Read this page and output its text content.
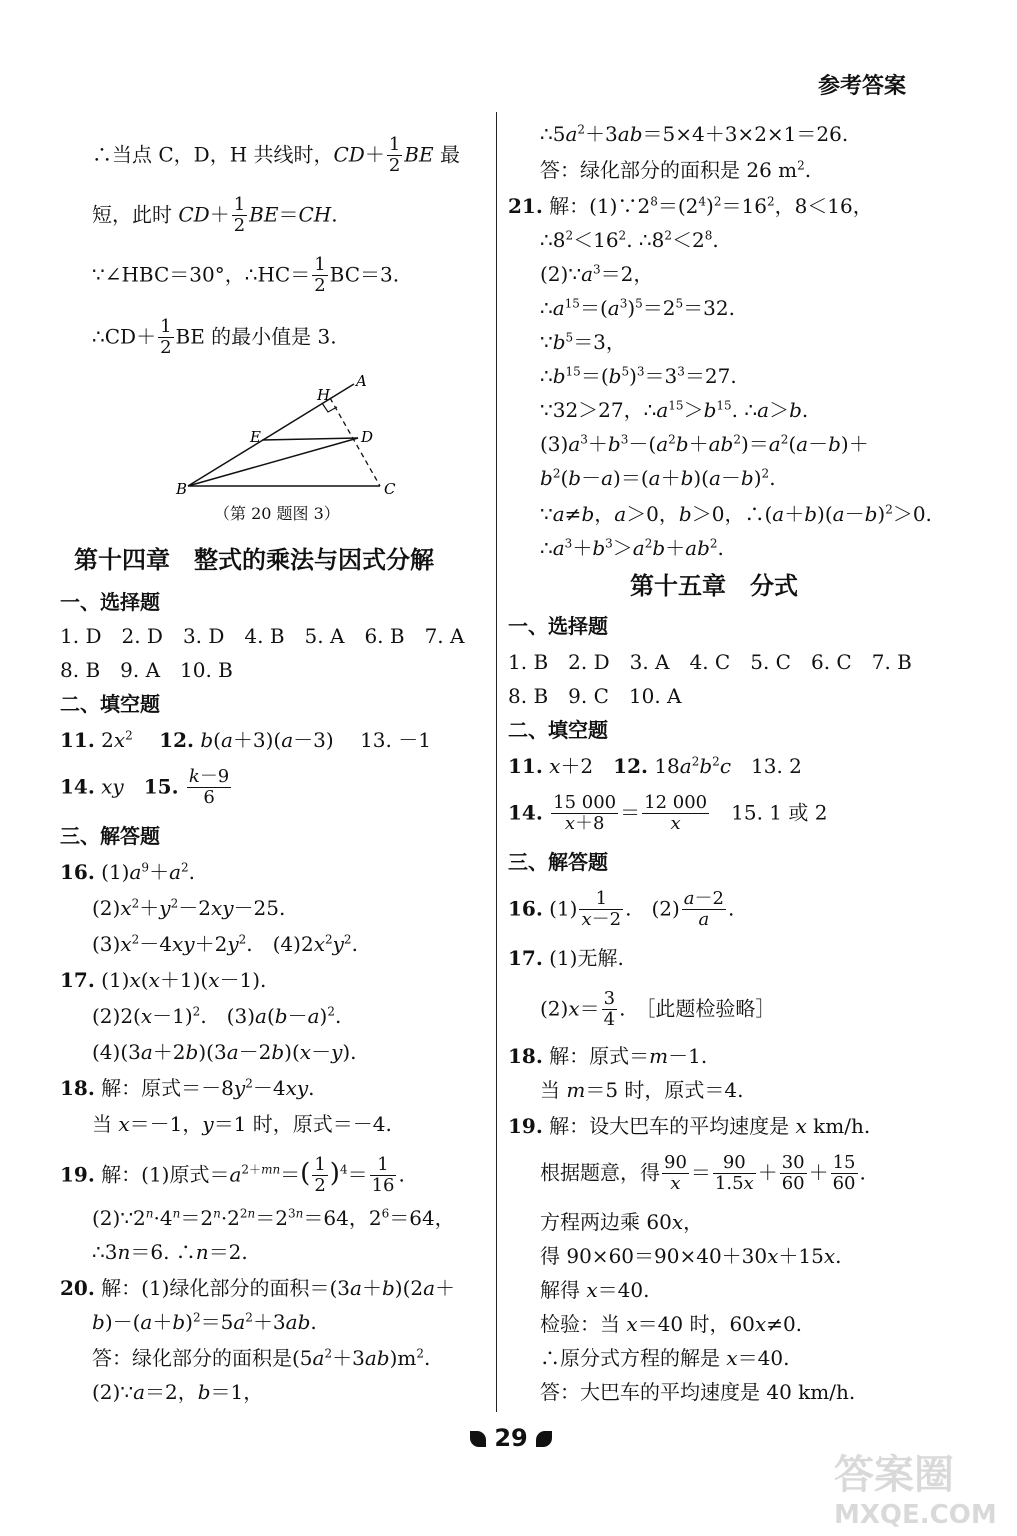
参考答案
∴当点 C，D，H 共线时，$CD+ \frac{1}{2}$ BE 最
短，此时 $CD+ \frac{1}{2} BE=CH$.
∵∠HBC＝30°，∴HC＝ $\frac{1}{2} BC=3$.
∴CD＋ $\frac{1}{2}$ BE 的最小值是 3.
A
H
E	D
B	C
（第 20 题图 3）
第十四章　整式的乘法与因式分解
一、选择题
1. D　2. D　3. D　4. B　5. A　6. B　7. A
8. B　9. A　10. B
二、填空题
11. $2x^2$　 12. b(a＋3)(a－3)　 13. －1
14. xy　 15. $\frac{k-9}{6}$
三、解答题
16. $(1)a^9+a^2$.
$(2)x^2+y^2-2xy-25$.
$(3)x^2-4xy+2y^2$.　$(4)2x^2y^2$.
17. (1)x(x＋1)(x－1).
$(2)2(x-1)^2$.　$(3)a(b-a)^2$.
(4)(3a＋2b)(3a－2b)(x－y).
18. 解：原式$=-8y^2-4xy$.
当 x＝－1，y＝1 时，原式＝－4.
19. 解：(1)原式$=a^{2+mn}=( \frac{1}{2} )^4= \frac{1}{16}$ .
$(2)\because 2^n\cdot 4^n=2^n\cdot 2^{2n}=2^{3n}=64$，$2^6=64$，
∴3n＝6. ∴n＝2.
20. 解：(1)绿化部分的面积＝(3a＋b)(2a＋
$b)-(a+b)^2=5a^2+3ab$.
答：绿化部分的面积是$(5a^2+3ab)m^2$.
(2)∵a＝2，b＝1，
$\therefore 5a^2+3ab=5\times 4+3\times 2\times 1=26$.
答：绿化部分的面积是 26 $m^2$.
21. 解：$(1)\because 2^8=(2^4)^2=16^2$，8＜16，
$\therefore 8^2<16^2$. $\therefore 8^2<2^8$.
$(2)\because a^3=2$，
$\therefore a^{15}=(a^3)^5=2^5=32$.
$\because b^5=3$，
$\therefore b^{15}=(b^5)^3=3^3=27$.
∵32＞27，$\therefore a^{15}>b^{15}$. ∴a＞b.
$(3)a^3+b^3-(a^2b+ab^2)=a^2(a-b)+$
$b^2(b-a)=(a+b)(a-b)^2$.
∵a≠b，a＞0，b＞0，$\therefore(a+b)(a-b)^2>0$.
$\therefore a^3+b^3>a^2b+ab^2$.
第十五章　分式
一、选择题
1. B　2. D　3. A　4. C　5. C　6. C　7. B
8. B　9. C　10. A
二、填空题
11. x＋2　12. $18a^2b^2c$　 13. 2
14. $\frac{15 000}{x+8} = \frac{12 000}{x}$
　 15. 1 或 2
三、解答题
16. $(1) \frac{1}{x-2}$ .　$(2) \frac{a-2}{a}$ .
17. (1)无解.
$(2)x= \frac{3}{4}$ .　［此题检验略］
18. 解：原式＝m－1.
当 m＝5 时，原式＝4.
19. 解：设大巴车的平均速度是 x km/h.
根据题意，得 $\frac{90}{x} = \frac{90}{1.5x} + \frac{30}{60} + \frac{15}{60}$ .
方程两边乘 60x，
得 90×60＝90×40＋30x＋15x.
解得 x＝40.
检验：当 x＝40 时，60x≠0.
∴原分式方程的解是 x＝40.
答：大巴车的平均速度是 40 km/h.
29
答案圈
MXQE.COM
